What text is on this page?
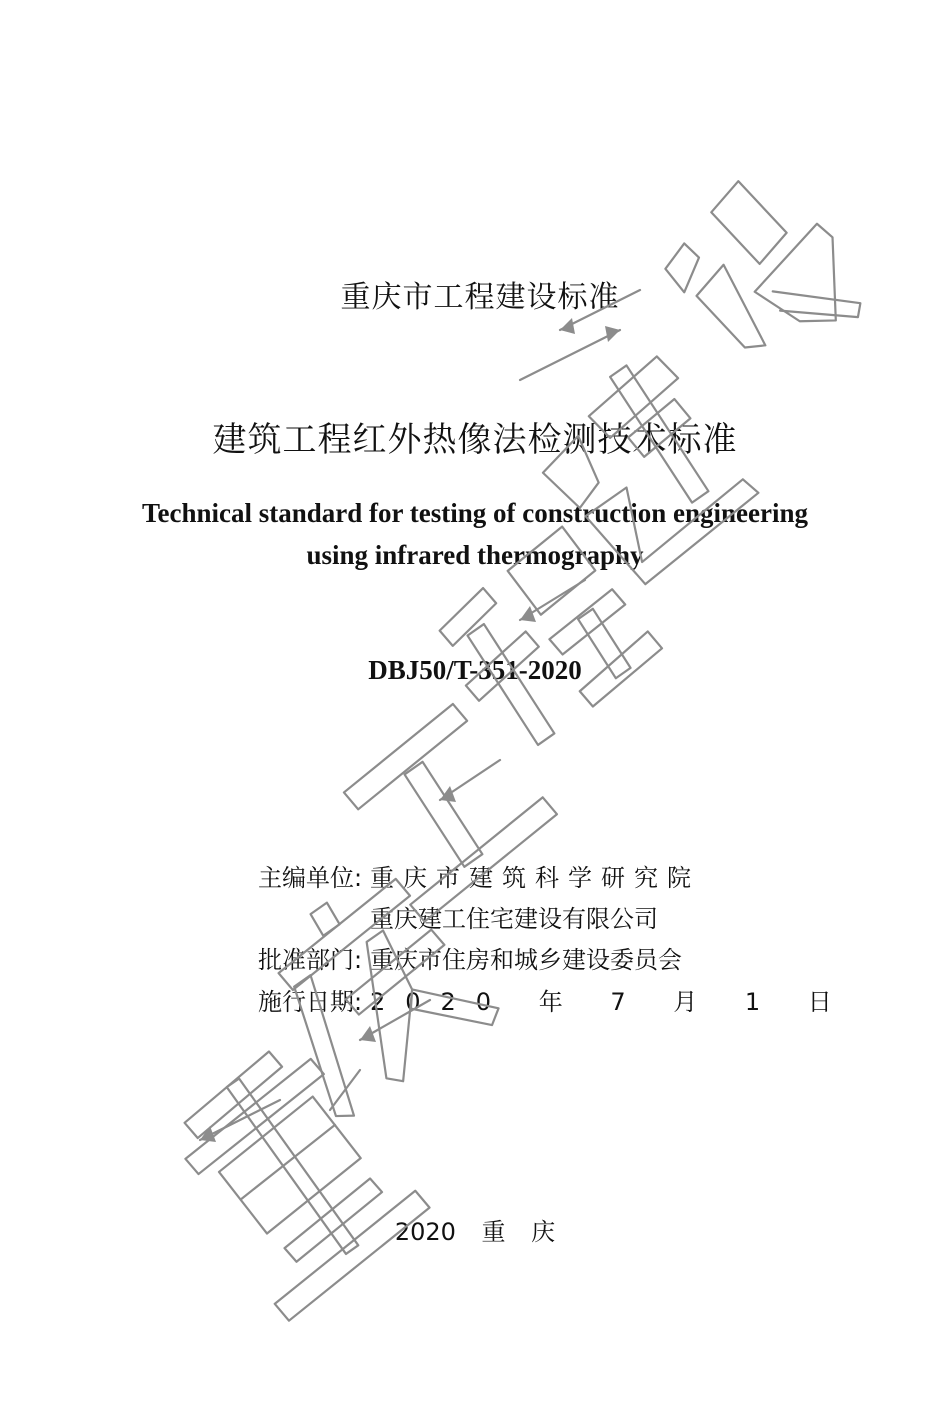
重庆市工程建设标准
建筑工程红外热像法检测技术标准
Technical standard for testing of construction engineering
using infrared thermography
DBJ50/T-351-2020
主编单位: 重庆市建筑科学研究院
重庆建工住宅建设有限公司
批准部门: 重庆市住房和城乡建设委员会
施行日期: 2020 年 7 月 1 日
2020 重 庆
